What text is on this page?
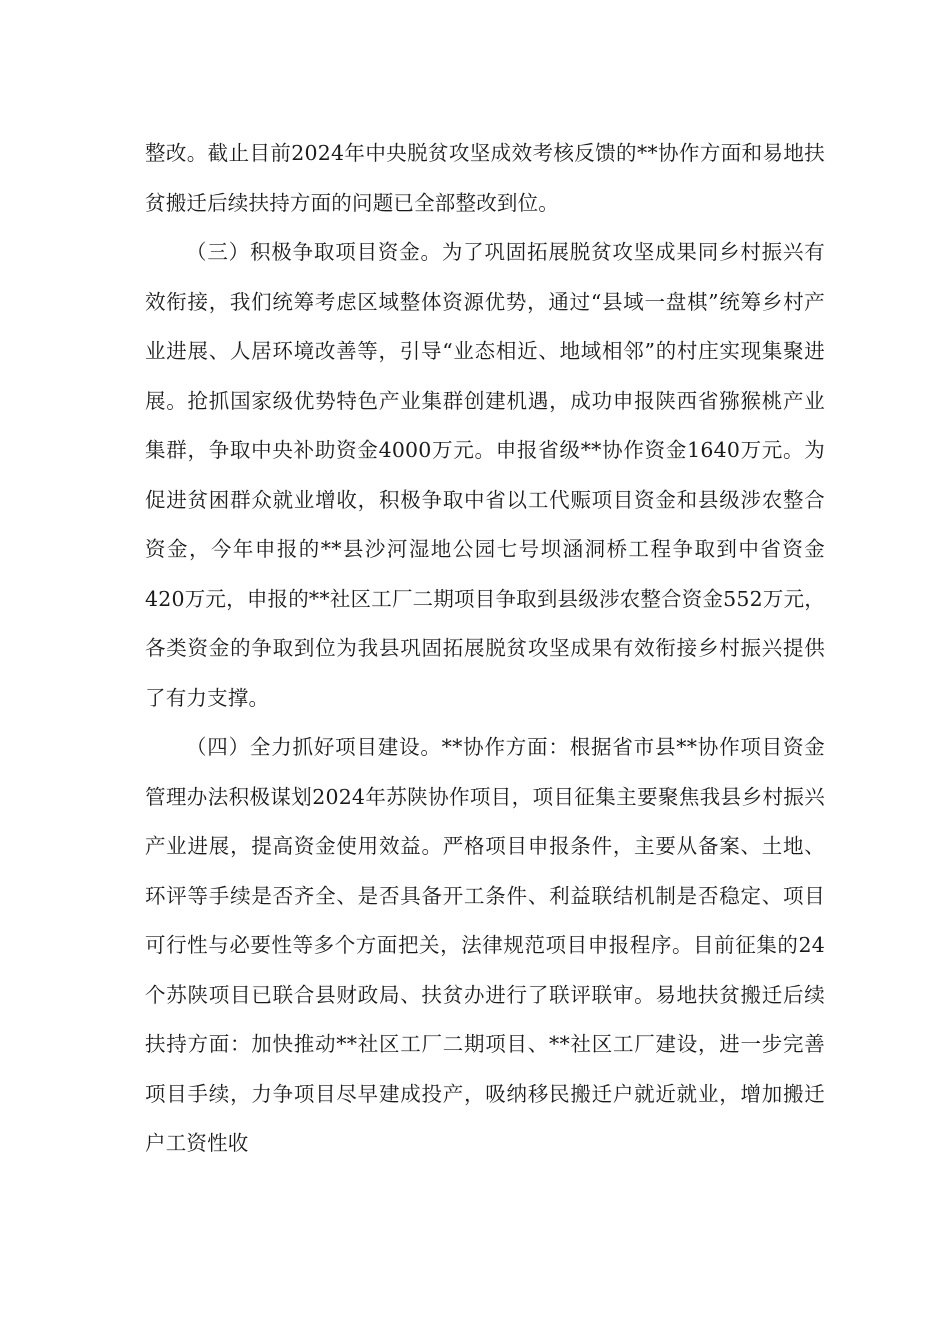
整改。截止目前2024年中央脱贫攻坚成效考核反馈的**协作方面和易地扶贫搬迁后续扶持方面的问题已全部整改到位。

（三）积极争取项目资金。为了巩固拓展脱贫攻坚成果同乡村振兴有效衔接，我们统筹考虑区域整体资源优势，通过“县域一盘棋”统筹乡村产业进展、人居环境改善等，引导“业态相近、地域相邻”的村庄实现集聚进展。抢抓国家级优势特色产业集群创建机遇，成功申报陕西省猕猴桃产业集群，争取中央补助资金4000万元。申报省级**协作资金1640万元。为促进贫困群众就业增收，积极争取中省以工代赈项目资金和县级涉农整合资金，今年申报的**县沙河湿地公园七号坝涵洞桥工程争取到中省资金420万元，申报的**社区工厂二期项目争取到县级涉农整合资金552万元，各类资金的争取到位为我县巩固拓展脱贫攻坚成果有效衔接乡村振兴提供了有力支撑。

（四）全力抓好项目建设。**协作方面：根据省市县**协作项目资金管理办法积极谋划2024年苏陕协作项目，项目征集主要聚焦我县乡村振兴产业进展，提高资金使用效益。严格项目申报条件，主要从备案、土地、环评等手续是否齐全、是否具备开工条件、利益联结机制是否稳定、项目可行性与必要性等多个方面把关，法律规范项目申报程序。目前征集的24个苏陕项目已联合县财政局、扶贫办进行了联评联审。易地扶贫搬迁后续扶持方面：加快推动**社区工厂二期项目、**社区工厂建设，进一步完善项目手续，力争项目尽早建成投产，吸纳移民搬迁户就近就业，增加搬迁户工资性收
